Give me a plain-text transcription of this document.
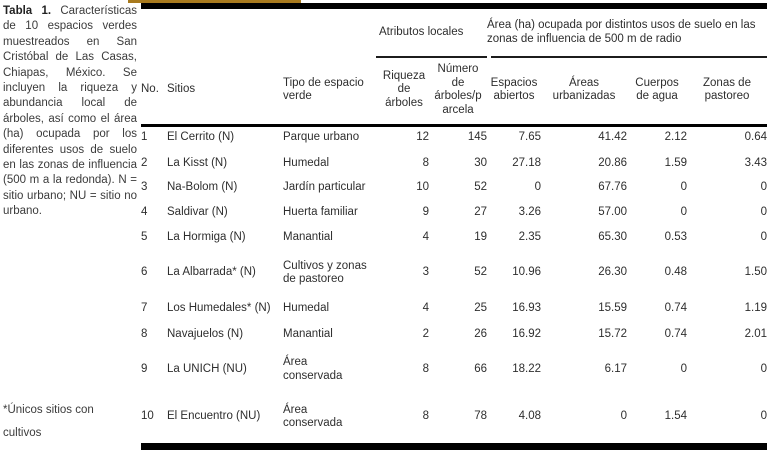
Tabla 1. Características de 10 espacios verdes muestreados en San Cristóbal de Las Casas, Chiapas, México. Se incluyen la riqueza y abundancia local de árboles, así como el área (ha) ocupada por los diferentes usos de suelo en las zonas de influencia (500 m a la redonda). N = sitio urbano; NU = sitio no urbano.

*Únicos sitios con cultivos
			Atributos locales		Área (ha) ocupada por distintos usos de suelo en las zonas de influencia de 500 m de radio			
No.	Sitios	Tipo de espacio verde	Riqueza de árboles	Número de árboles/parcela	Espacios abiertos	Áreas urbanizadas	Cuerpos de agua	Zonas de pastoreo
1	El Cerrito (N)	Parque urbano	12	145	7.65	41.42	2.12	0.64
2	La Kisst (N)	Humedal	8	30	27.18	20.86	1.59	3.43
3	Na-Bolom (N)	Jardín particular	10	52	0	67.76	0	0
4	Saldivar (N)	Huerta familiar	9	27	3.26	57.00	0	0
5	La Hormiga (N)	Manantial	4	19	2.35	65.30	0.53	0
6	La Albarrada* (N)	Cultivos y zonas de pastoreo	3	52	10.96	26.30	0.48	1.50
7	Los Humedales* (N)	Humedal	4	25	16.93	15.59	0.74	1.19
8	Navajuelos (N)	Manantial	2	26	16.92	15.72	0.74	2.01
9	La UNICH (NU)	Área conservada	8	66	18.22	6.17	0	0
10	El Encuentro (NU)	Área conservada	8	78	4.08	0	1.54	0
